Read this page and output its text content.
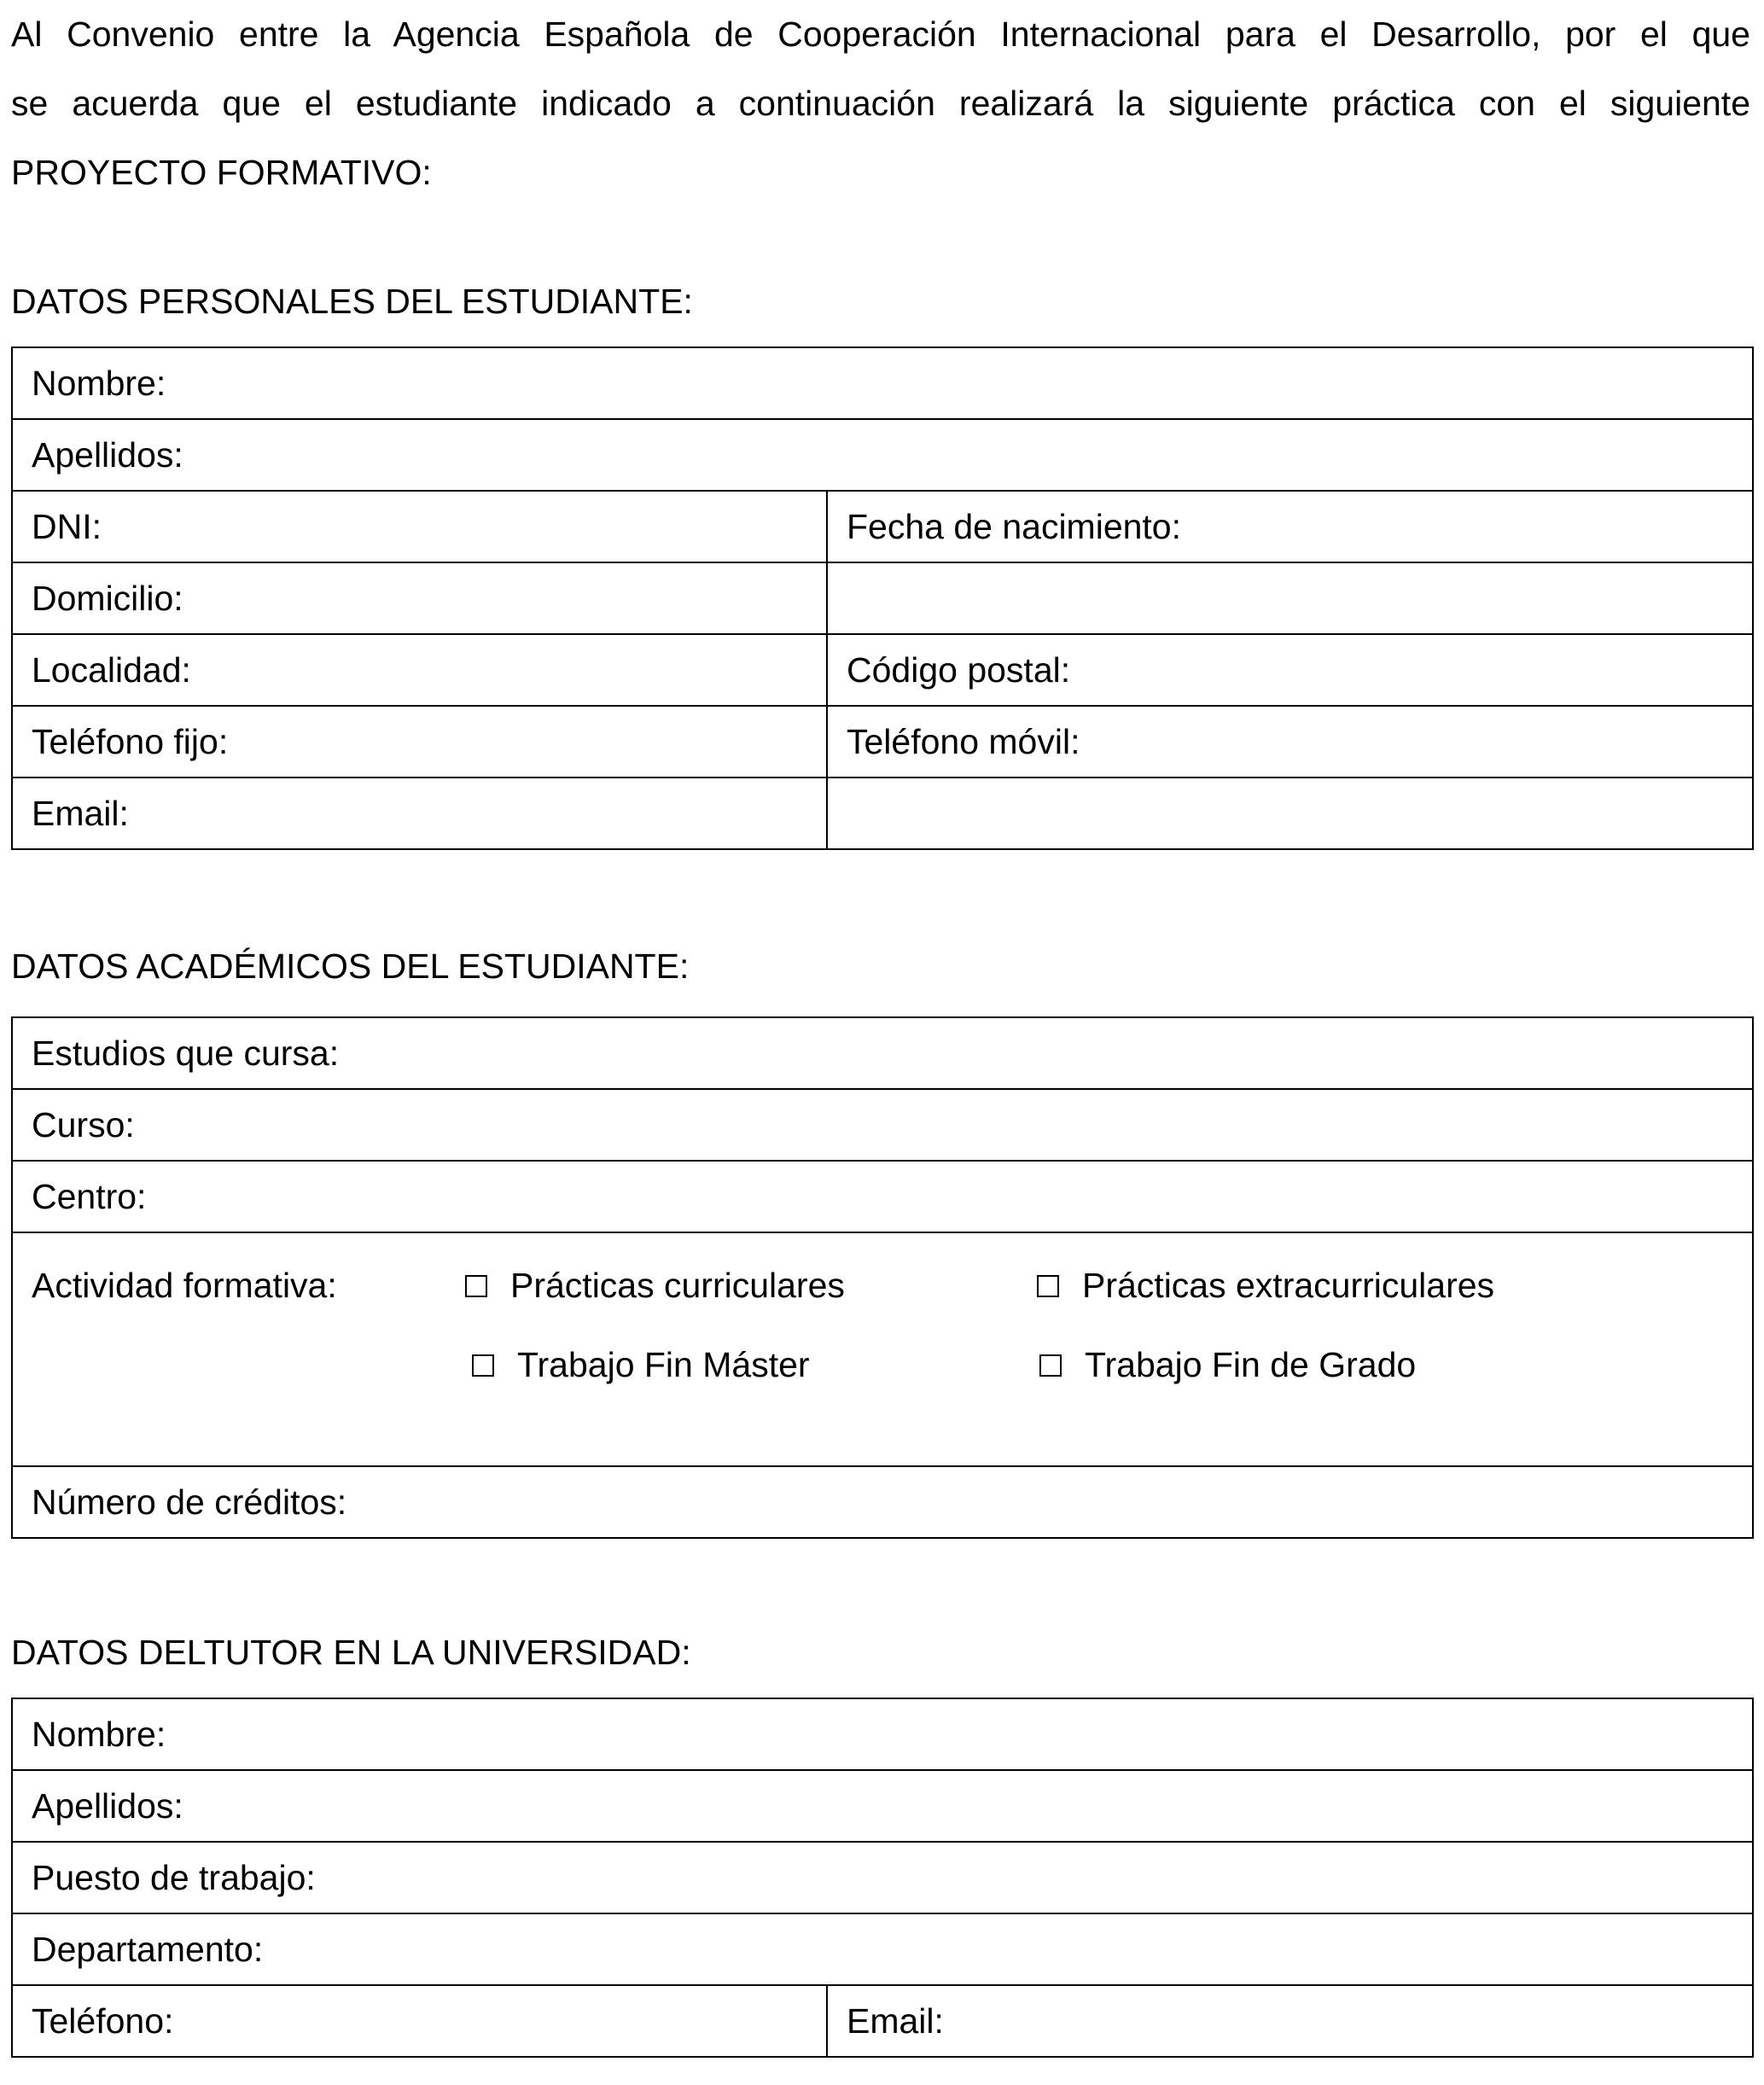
Al Convenio entre la Agencia Española de Cooperación Internacional para el Desarrollo, por el que
se acuerda que el estudiante indicado a continuación realizará la siguiente práctica con el siguiente
PROYECTO FORMATIVO:
DATOS PERSONALES DEL ESTUDIANTE:
Nombre:	
Apellidos:	
DNI:	Fecha de nacimiento:
Domicilio:	
Localidad:	Código postal:
Teléfono fijo:	Teléfono móvil:
Email:	
DATOS ACADÉMICOS DEL ESTUDIANTE:
Estudios que cursa:
Curso:
Centro:

Actividad formativa:	Prácticas curriculares	Prácticas extracurriculares
Trabajo Fin Máster	Trabajo Fin de Grado

Número de créditos:
DATOS DELTUTOR EN LA UNIVERSIDAD:
Nombre:
Apellidos:
Puesto de trabajo:
Departamento:
Teléfono:	Email:
